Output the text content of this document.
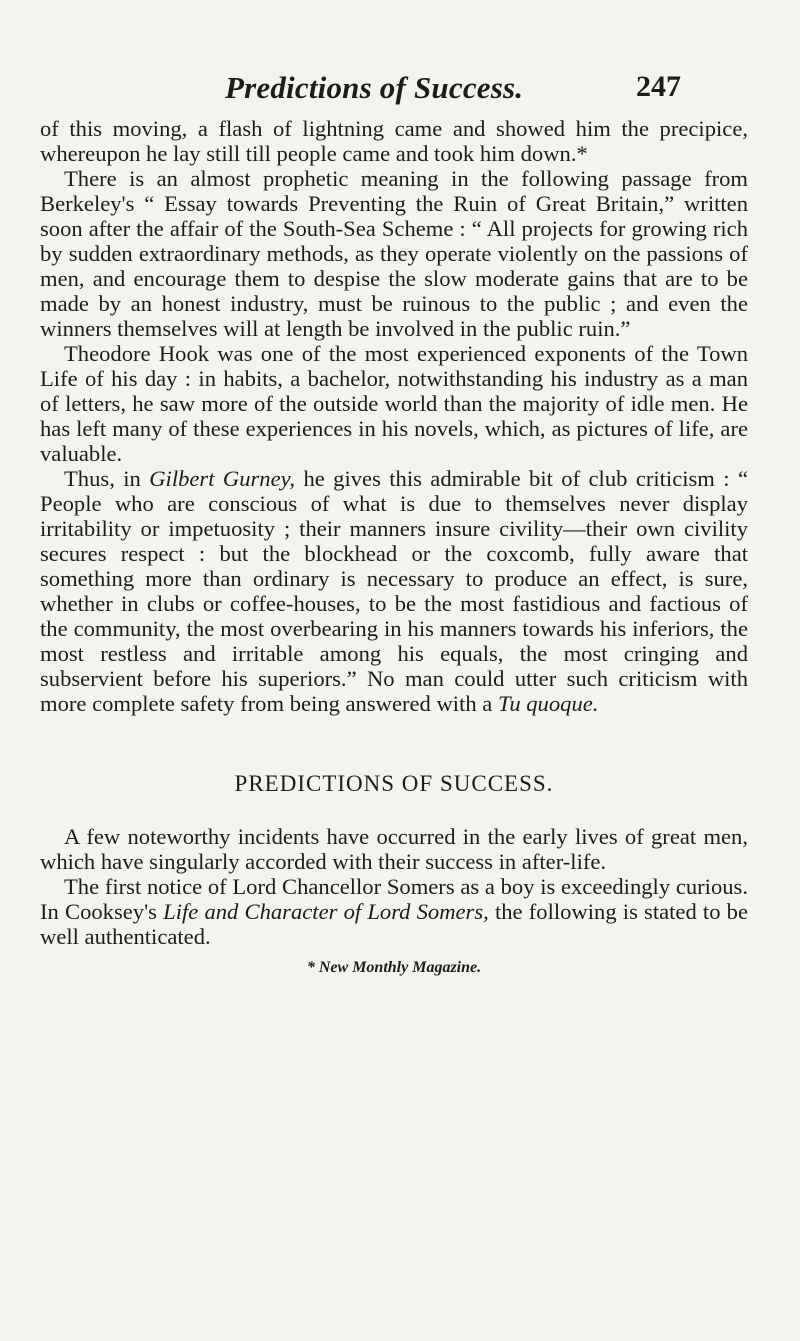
Predictions of Success.	247

of this moving, a flash of lightning came and showed him the precipice, whereupon he lay still till people came and took him down.*

There is an almost prophetic meaning in the following passage from Berkeley's “ Essay towards Preventing the Ruin of Great Britain,” written soon after the affair of the South-Sea Scheme : “ All projects for growing rich by sudden extraordinary methods, as they operate violently on the passions of men, and encourage them to despise the slow moderate gains that are to be made by an honest industry, must be ruinous to the public ; and even the winners themselves will at length be involved in the public ruin.”

Theodore Hook was one of the most experienced exponents of the Town Life of his day : in habits, a bachelor, notwithstanding his industry as a man of letters, he saw more of the outside world than the majority of idle men. He has left many of these experiences in his novels, which, as pictures of life, are valuable.

Thus, in Gilbert Gurney, he gives this admirable bit of club criticism : “ People who are conscious of what is due to themselves never display irritability or impetuosity ; their manners insure civility—their own civility secures respect : but the blockhead or the coxcomb, fully aware that something more than ordinary is necessary to produce an effect, is sure, whether in clubs or coffee-houses, to be the most fastidious and factious of the community, the most overbearing in his manners towards his inferiors, the most restless and irritable among his equals, the most cringing and subservient before his superiors.” No man could utter such criticism with more complete safety from being answered with a Tu quoque.

PREDICTIONS OF SUCCESS.

A few noteworthy incidents have occurred in the early lives of great men, which have singularly accorded with their success in after-life.

The first notice of Lord Chancellor Somers as a boy is exceedingly curious. In Cooksey's Life and Character of Lord Somers, the following is stated to be well authenticated.

* New Monthly Magazine.
